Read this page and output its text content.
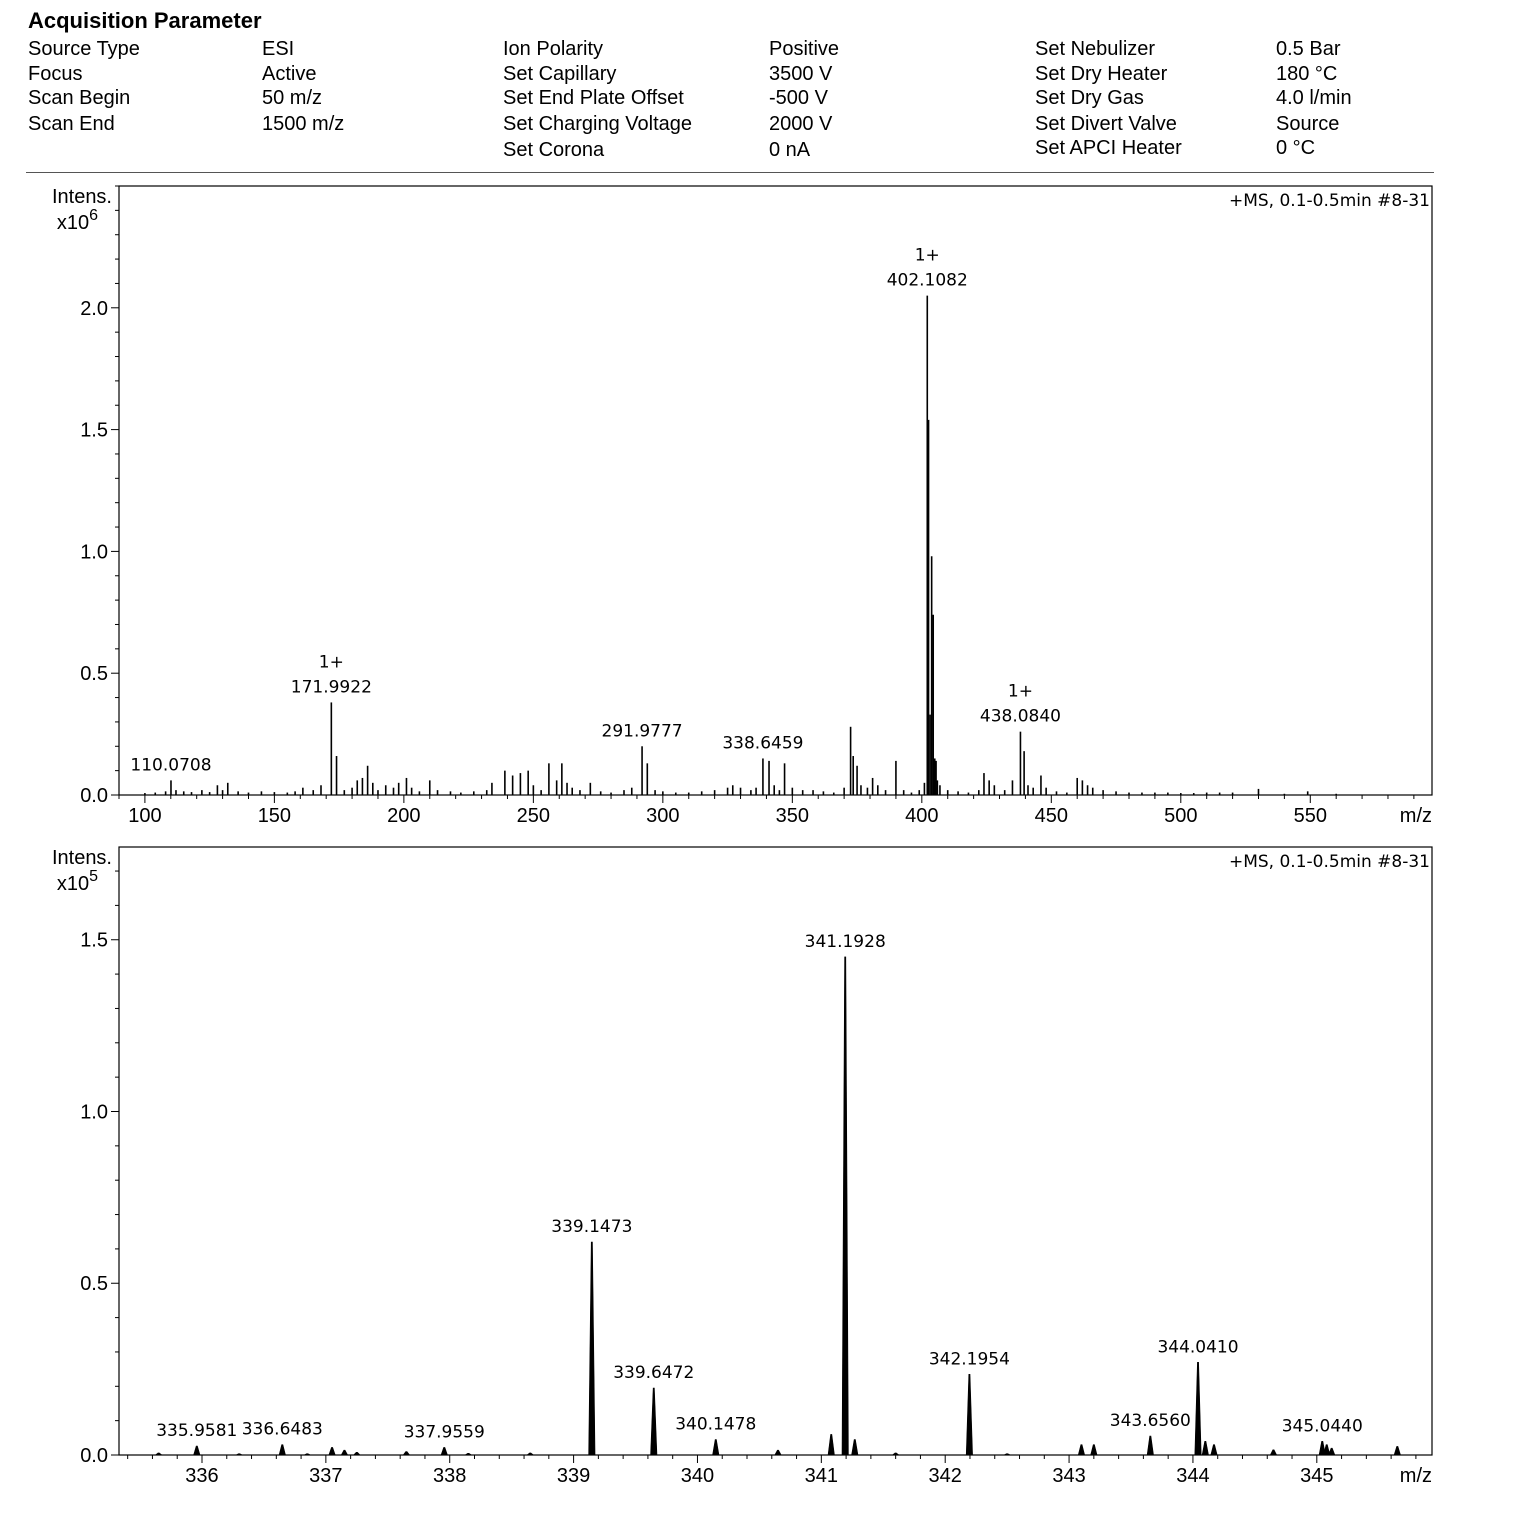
Acquisition Parameter
Source Type	ESI
Focus	Active
Scan Begin	50 m/z
Scan End	1500 m/z
Ion Polarity	Positive
Set Capillary	3500 V
Set End Plate Offset	-500 V
Set Charging Voltage	2000 V
Set Corona	0 nA
Set Nebulizer	0.5 Bar
Set Dry Heater	180 °C
Set Dry Gas	4.0 l/min
Set Divert Valve	Source
Set APCI Heater	0 °C
+MS, 0.1-0.5min #8-31
Intens.
$x10^6$
0.0
0.5
1.0
1.5
2.0
100	150	200	250	300	350	400	450	500	550	m/z
110.0708
1+
171.9922
291.9777
338.6459
1+
402.1082
1+
438.0840
+MS, 0.1-0.5min #8-31
Intens.
$x10^5$
0.0
0.5
1.0
1.5
336	337	338	339	340	341	342	343	344	345	m/z
335.9581 336.6483	337.9559
339.1473
339.6472
340.1478
341.1928
342.1954
343.6560
344.0410
345.0440
